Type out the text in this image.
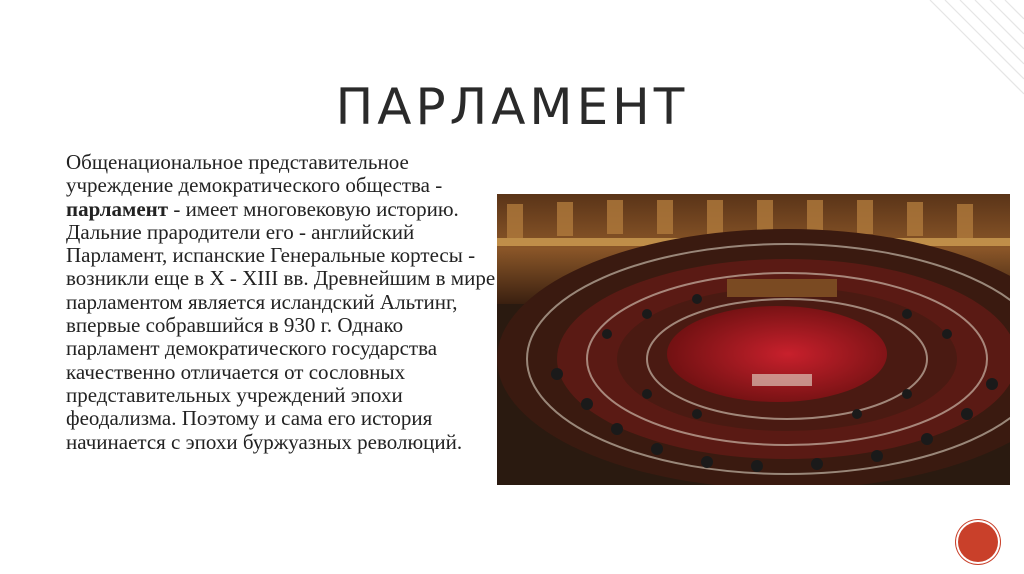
ПАРЛАМЕНТ
Общенациональное представительное учреждение демократического общества - парламент - имеет многовековую историю. Дальние прародители его - английский Парламент, испанские Генеральные кортесы - возникли еще в X - XIII вв. Древнейшим в мире парламентом является исландский Альтинг, впервые собравшийся в 930 г. Однако парламент демократического государства качественно отличается от сословных представительных учреждений эпохи феодализма. Поэтому и сама его история начинается с эпохи буржуазных революций.
